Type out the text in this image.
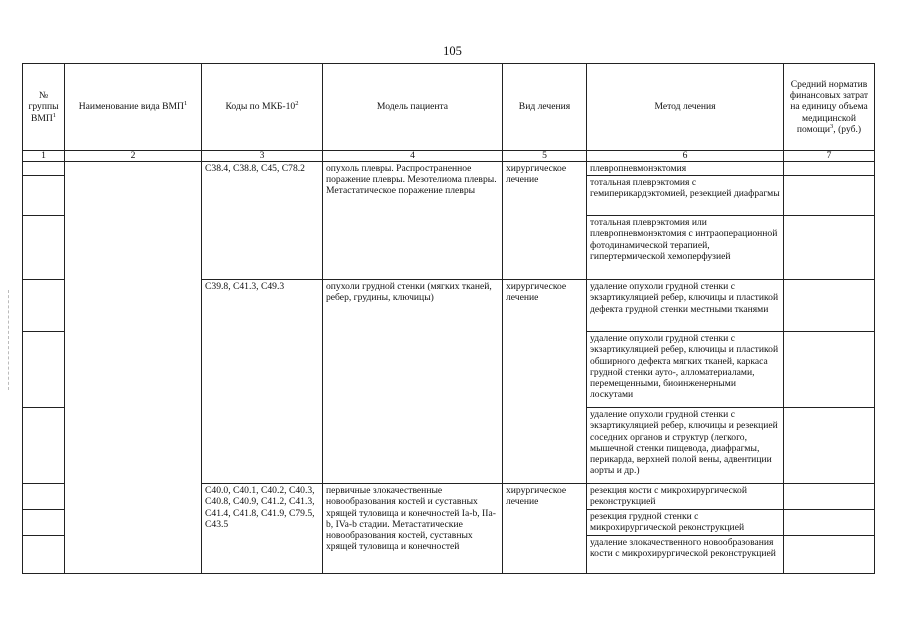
105
№ группы ВМП$^1$	Наименование вида ВМП$^1$	Коды по МКБ-$10^2$	Модель пациента	Вид лечения	Метод лечения	Средний норматив финансовых затрат на единицу объема медицинской помощи$^3$, (руб.)
1	2	3	4	5	6	7
		C38.4, C38.8, C45, C78.2	опухоль плевры. Распространенное поражение плевры. Мезотелиома плевры. Метастатическое поражение плевры	хирургическое лечение	плевропневмонэктомия	
					тотальная плеврэктомия с гемиперикардэктомией, резекцией диафрагмы	
					тотальная плеврэктомия или плевропневмонэктомия с интраоперационной фотодинамической терапией, гипертермической хемоперфузией	
		C39.8, C41.3, C49.3	опухоли грудной стенки (мягких тканей, ребер, грудины, ключицы)	хирургическое лечение	удаление опухоли грудной стенки с экзартикуляцией ребер, ключицы и пластикой дефекта грудной стенки местными тканями	
					удаление опухоли грудной стенки с экзартикуляцией ребер, ключицы и пластикой обширного дефекта мягких тканей, каркаса грудной стенки ауто-, алломатериалами, перемещенными, биоинженерными лоскутами	
					удаление опухоли грудной стенки с экзартикуляцией ребер, ключицы и резекцией соседних органов и структур (легкого, мышечной стенки пищевода, диафрагмы, перикарда, верхней полой вены, адвентиции аорты и др.)	
		C40.0, C40.1, C40.2, C40.3, C40.8, C40.9, C41.2, C41.3, C41.4, C41.8, C41.9, C79.5, C43.5	первичные злокачественные новообразования костей и суставных хрящей туловища и конечностей Ia-b, IIa-b, IVa-b стадии. Метастатические новообразования костей, суставных хрящей туловища и конечностей	хирургическое лечение	резекция кости с микрохирургической реконструкцией	
					резекция грудной стенки с микрохирургической реконструкцией	
					удаление злокачественного новообразования кости с микрохирургической реконструкцией	
